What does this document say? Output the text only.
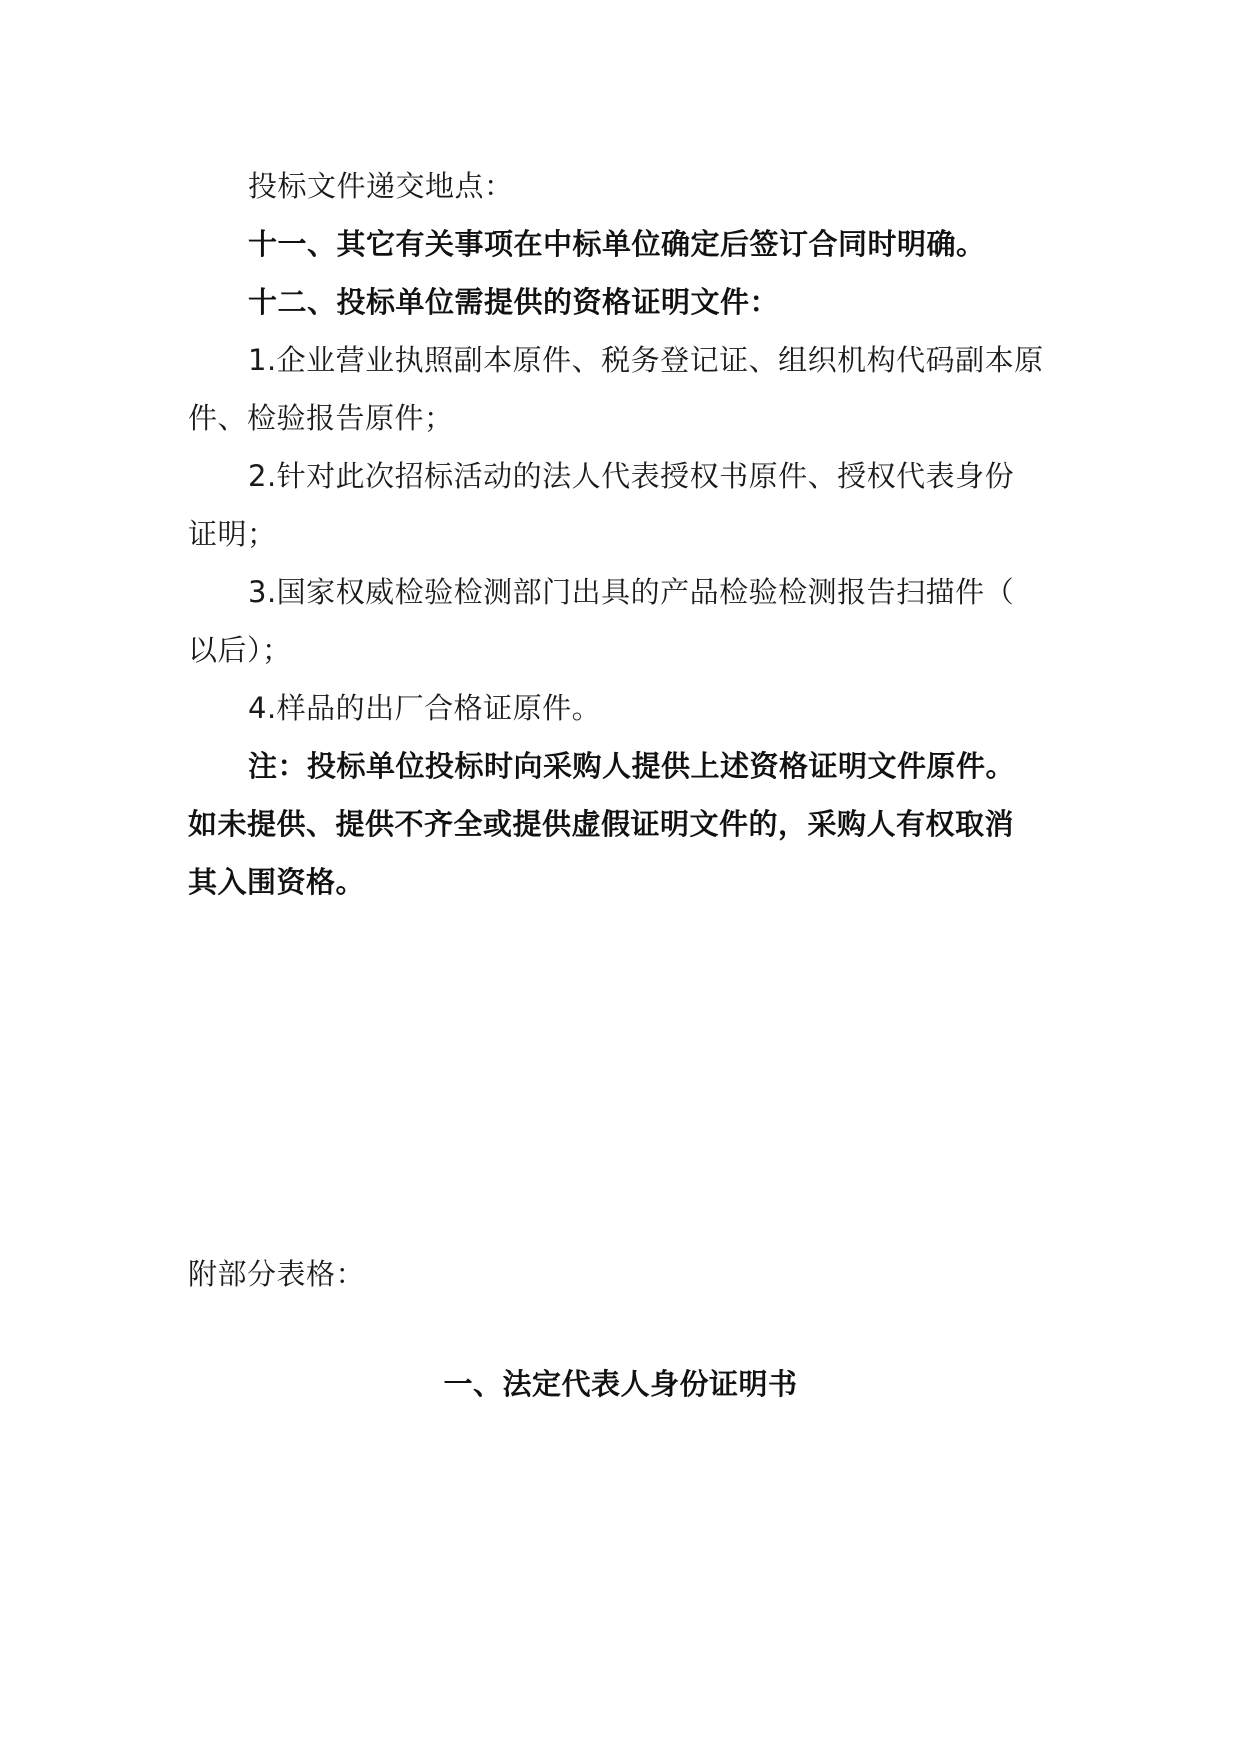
投标文件递交地点：
十一、其它有关事项在中标单位确定后签订合同时明确。
十二、投标单位需提供的资格证明文件：
1.企业营业执照副本原件、税务登记证、组织机构代码副本原
件、检验报告原件；
2.针对此次招标活动的法人代表授权书原件、授权代表身份
证明；
3.国家权威检验检测部门出具的产品检验检测报告扫描件（
以后）；
4.样品的出厂合格证原件。
注：投标单位投标时向采购人提供上述资格证明文件原件。
如未提供、提供不齐全或提供虚假证明文件的，采购人有权取消
其入围资格。
附部分表格：
一、法定代表人身份证明书
